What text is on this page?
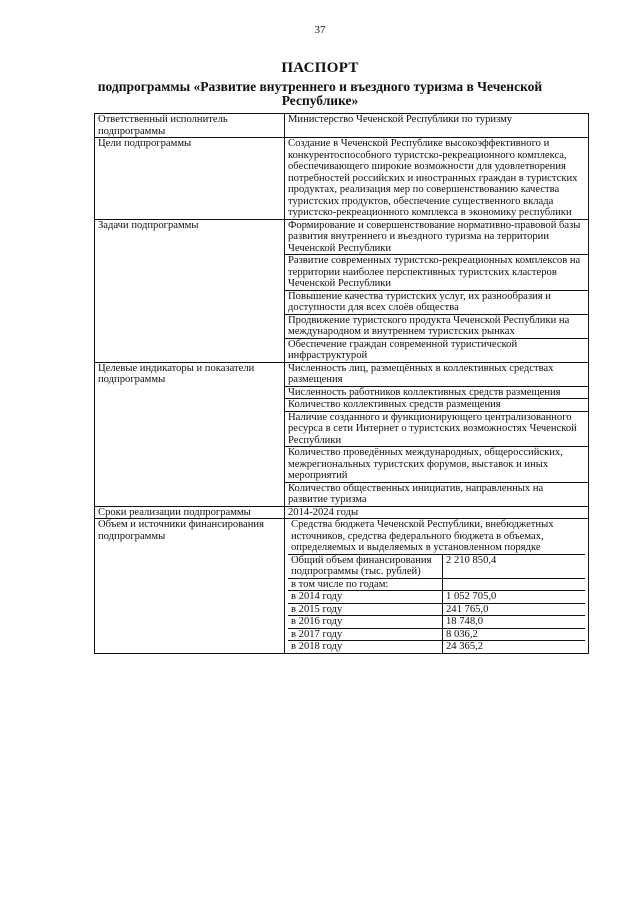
37
ПАСПОРТ
подпрограммы «Развитие внутреннего и въездного туризма в Чеченской Республике»
Ответственный исполнитель подпрограммы	Министерство Чеченской Республики по туризму
Цели подпрограммы	Создание в Чеченской Республике высокоэффективного и конкурентоспособного туристско-рекреационного комплекса, обеспечивающего широкие возможности для удовлетворения потребностей российских и иностранных граждан в туристских продуктах, реализация мер по совершенствованию качества туристских продуктов, обеспечение существенного вклада туристско-рекреационного комплекса в экономику республики
Задачи подпрограммы	Формирование и совершенствование нормативно-правовой базы развития внутреннего и въездного туризма на территории Чеченской Республики
Развитие современных туристско-рекреационных комплексов на территории наиболее перспективных туристских кластеров Чеченской Республики
Повышение качества туристских услуг, их разнообразия и доступности для всех слоёв общества
Продвижение туристского продукта Чеченской Республики на международном и внутреннем туристских рынках
Обеспечение граждан современной туристической инфраструктурой
Целевые индикаторы и показатели подпрограммы	Численность лиц, размещённых в коллективных средствах размещения
Численность работников коллективных средств размещения
Количество коллективных средств размещения
Наличие созданного и функционирующего централизованного ресурса в сети Интернет о туристских возможностях Чеченской Республики
Количество проведённых международных, общероссийских, межрегиональных туристских форумов, выставок и иных мероприятий
Количество общественных инициатив, направленных на развитие туризма
Сроки реализации подпрограммы	2014-2024 годы
Объем и источники финансирования подпрограммы	
Средства бюджета Чеченской Республики, внебюджетных источников, средства федерального бюджета в объемах, определяемых и выделяемых в установленном порядке
Общий объем финансирования подпрограммы (тыс. рублей)	2 210 850,4
в том числе по годам:	
в 2014 году	1 052 705,0
в 2015 году	241 765,0
в 2016 году	18 748,0
в 2017 году	8 036,2
в 2018 году	24 365,2
